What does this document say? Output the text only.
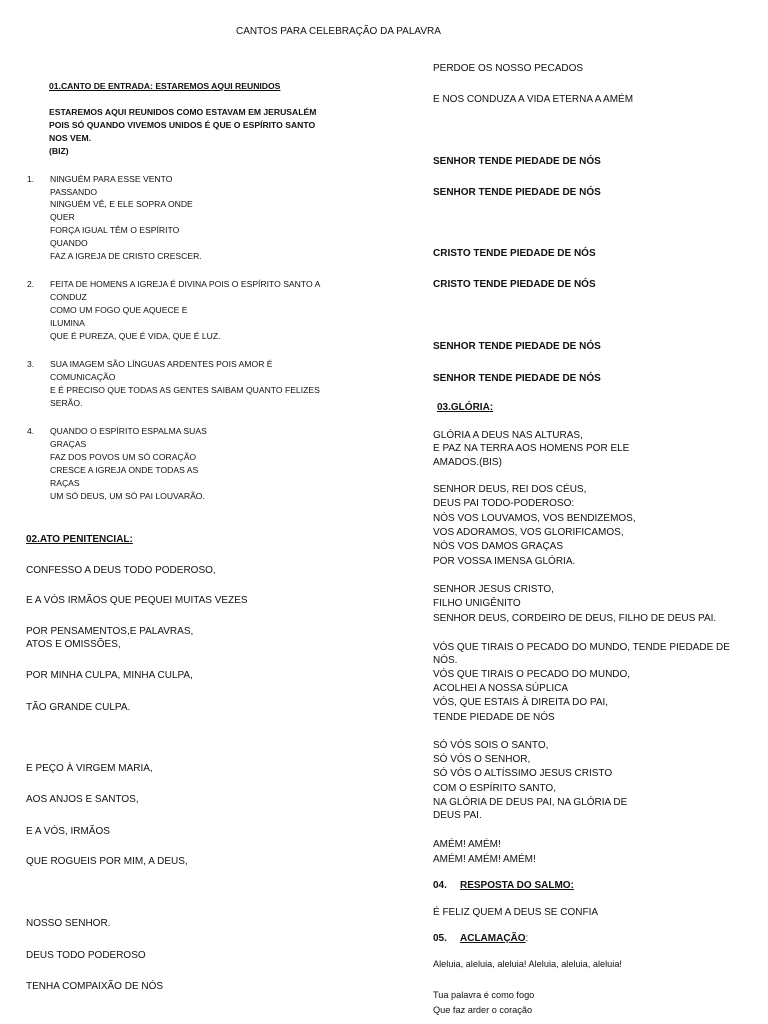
CANTOS PARA CELEBRAÇÃO DA PALAVRA
01.CANTO DE ENTRADA: ESTAREMOS AQUI REUNIDOS
ESTAREMOS AQUI REUNIDOS COMO ESTAVAM EM JERUSALÉM
POIS SÓ QUANDO VIVEMOS UNIDOS É QUE O ESPÍRITO SANTO
NOS VEM.
(BIZ)
1. NINGUÉM PARA ESSE VENTO
PASSANDO
NINGUÉM VÊ, E ELE SOPRA ONDE
QUER
FORÇA IGUAL TÊM O ESPÍRITO
QUANDO
FAZ A IGREJA DE CRISTO CRESCER.
2. FEITA DE HOMENS A IGREJA É DIVINA POIS O ESPÍRITO SANTO A
CONDUZ
COMO UM FOGO QUE AQUECE E
ILUMINA
QUE É PUREZA, QUE É VIDA, QUE É LUZ.
3. SUA IMAGEM SÃO LÍNGUAS ARDENTES POIS AMOR É
COMUNICAÇÃO
E É PRECISO QUE TODAS AS GENTES SAIBAM QUANTO FELIZES
SERÃO.
4. QUANDO O ESPÍRITO ESPALMA SUAS
GRAÇAS
FAZ DOS POVOS UM SÓ CORAÇÃO
CRESCE A IGREJA ONDE TODAS AS
RAÇAS
UM SÓ DEUS, UM SÓ PAI LOUVARÃO.
02.ATO PENITENCIAL:
CONFESSO A DEUS TODO PODEROSO,
E A VÓS IRMÃOS QUE PEQUEI MUITAS VEZES
POR PENSAMENTOS,E PALAVRAS,
ATOS E OMISSÕES,
POR MINHA CULPA, MINHA CULPA,
TÃO GRANDE CULPA.
E PEÇO À VIRGEM MARIA,
AOS ANJOS E SANTOS,
E A VÓS, IRMÃOS
QUE ROGUEIS POR MIM, A DEUS,
NOSSO SENHOR.
DEUS TODO PODEROSO
TENHA COMPAIXÃO DE NÓS
PERDOE OS NOSSO PECADOS
E NOS CONDUZA A VIDA ETERNA A AMÉM
SENHOR TENDE PIEDADE DE NÓS
SENHOR TENDE PIEDADE DE NÓS
CRISTO TENDE PIEDADE DE NÓS
CRISTO TENDE PIEDADE DE NÓS
SENHOR TENDE PIEDADE DE NÓS
SENHOR TENDE PIEDADE DE NÓS
03.GLÓRIA:
GLÓRIA A DEUS NAS ALTURAS,
E PAZ NA TERRA AOS HOMENS POR ELE
AMADOS.(BIS)
SENHOR DEUS, REI DOS CÉUS,
DEUS PAI TODO-PODEROSO:
NÓS VOS LOUVAMOS, VOS BENDIZEMOS,
VOS ADORAMOS, VOS GLORIFICAMOS,
NÓS VOS DAMOS GRAÇAS
POR VOSSA IMENSA GLÓRIA.
SENHOR JESUS CRISTO,
FILHO UNIGÊNITO
SENHOR DEUS, CORDEIRO DE DEUS, FILHO DE DEUS PAI.
VÓS QUE TIRAIS O PECADO DO MUNDO, TENDE PIEDADE DE
NÓS.
VÓS QUE TIRAIS O PECADO DO MUNDO,
ACOLHEI A NOSSA SÚPLICA
VÓS, QUE ESTAIS À DIREITA DO PAI,
TENDE PIEDADE DE NÓS
SÓ VÓS SOIS O SANTO,
SÓ VÓS O SENHOR,
SÓ VÓS O ALTÍSSIMO JESUS CRISTO
COM O ESPÍRITO SANTO,
NA GLÓRIA DE DEUS PAI, NA GLÓRIA DE
DEUS PAI.
AMÉM! AMÉM!
AMÉM! AMÉM! AMÉM!
04. RESPOSTA DO SALMO:
É FELIZ QUEM A DEUS SE CONFIA
05. ACLAMAÇÃO:
Aleluia, aleluia, aleluia! Aleluia, aleluia, aleluia!
Tua palavra é como fogo
Que faz arder o coração
